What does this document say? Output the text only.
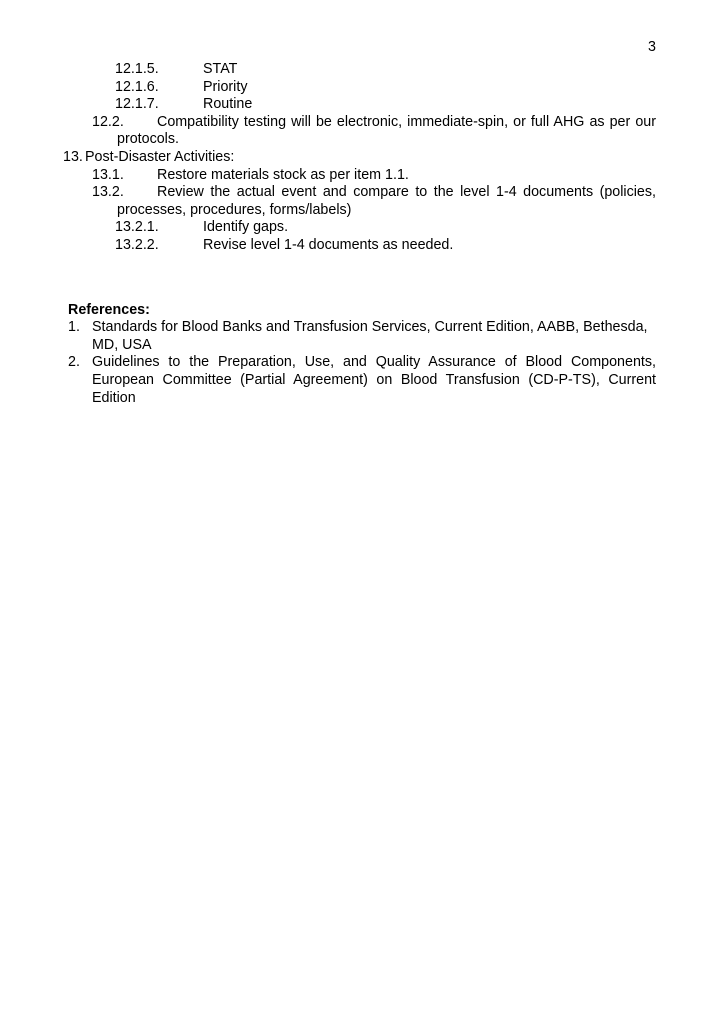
3
12.1.5.	STAT
12.1.6.	Priority
12.1.7.	Routine
12.2. Compatibility testing will be electronic, immediate-spin, or full AHG as per our
protocols.
13. Post-Disaster Activities:
13.1. Restore materials stock as per item 1.1.
13.2. Review the actual event and compare to the level 1-4 documents (policies,
processes, procedures, forms/labels)
13.2.1.	Identify gaps.
13.2.2.	Revise level 1-4 documents as needed.
References:
1. Standards for Blood Banks and Transfusion Services, Current Edition, AABB, Bethesda,
MD, USA
2. Guidelines to the Preparation, Use, and Quality Assurance of Blood Components,
European Committee (Partial Agreement) on Blood Transfusion (CD-P-TS), Current
Edition
